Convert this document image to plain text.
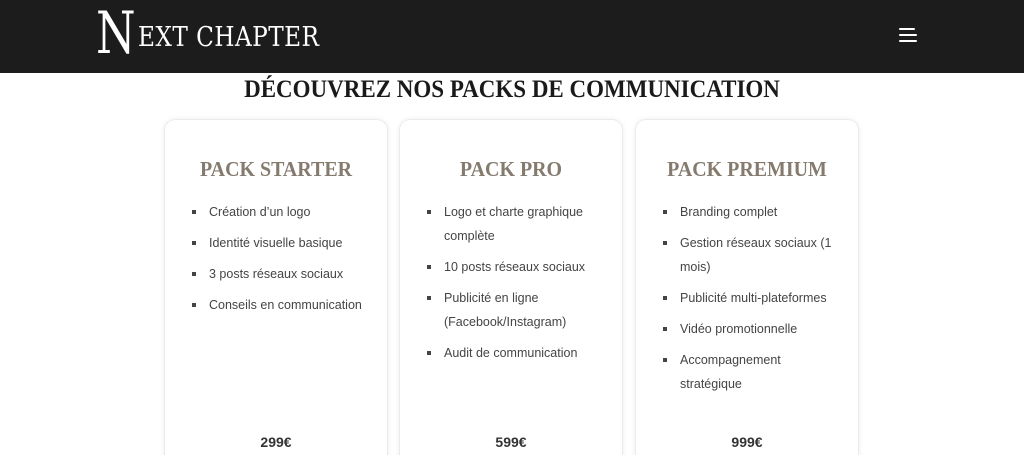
N EXT CHAPTER
DÉCOUVREZ NOS PACKS DE COMMUNICATION
PACK STARTER
Création d’un logo
Identité visuelle basique
3 posts réseaux sociaux
Conseils en communication
299€
PACK PRO
Logo et charte graphique complète
10 posts réseaux sociaux
Publicité en ligne (Facebook/Instagram)
Audit de communication
599€
PACK PREMIUM
Branding complet
Gestion réseaux sociaux (1 mois)
Publicité multi-plateformes
Vidéo promotionnelle
Accompagnement stratégique
999€
